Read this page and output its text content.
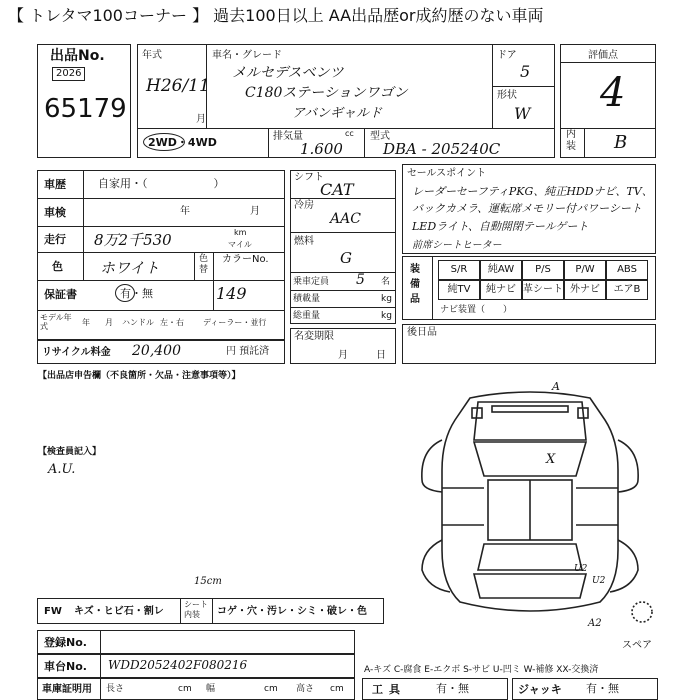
【 トレタマ100コーナー 】 過去100日以上 AA出品歴or成約歴のない車両
出品No.
2026
65179
年式
H26/11
月
車名・グレード
メルセデスベンツ
C180ステーションワゴン
アバンギャルド
ドア
5
形状
W
2WD・4WD	排気量	cc
1.600
型式
DBA - 205240C
評価点
4
内装 B
車歴	自家用・（　　　　　　）
車検	年	月
走行 8万2千530	km
マイル
色 ホワイト	色替
カラーNo.
149
保証書	有・無
モデル年式	年 月 ハンドル 左・右 ディーラー・並行
リサイクル料金 20,400	円 預託済
シフト
CAT
冷房
AAC
燃料
G
乗車定員 5 名
積載量	kg
総重量	kg
名変期限
月日
セールスポイント
レーダーセーフティPKG、純正HDDナビ、TV、
バックカメラ、運転席メモリー付パワーシート
LEDライト、自動開閉テールゲート
前席シートヒーター
装備品
S/R	純AW	P/S	P/W	ABS
純TV	純ナビ 革シート 外ナビ	エアB
ナビ装置（　　）
後日品
【出品店申告欄（不良箇所・欠品・注意事項等）】
【検査員記入】
A.U.
15cm
A
X
U2
U2
A2
スペア
FW キズ・ヒビ石・割レ
シート内装	コゲ・穴・汚レ・シミ・破レ・色
登録No.
車台No. WDD2052402F080216
車庫証明用 長さ	cm 幅	cm 高さ cm
A-キズ C-腐食 E-エクボ S-サビ U-凹ミ W-補修 XX-交換済
工具	有・無	ジャッキ 有・無
